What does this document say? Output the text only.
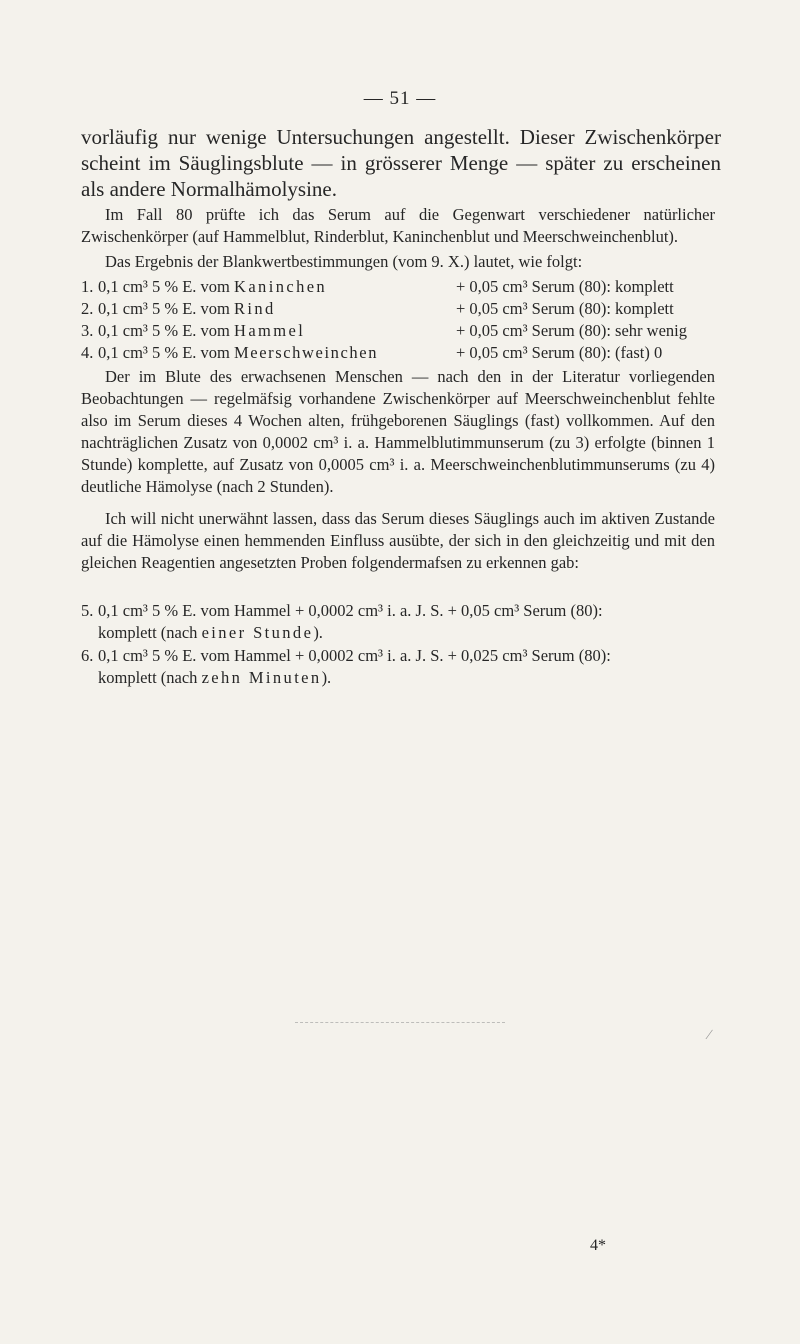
— 51 —

vorläufig nur wenige Untersuchungen angestellt. Dieser Zwischenkörper scheint im Säuglingsblute — in grösserer Menge — später zu erscheinen als andere Normalhämolysine.

Im Fall 80 prüfte ich das Serum auf die Gegenwart verschiedener natürlicher Zwischenkörper (auf Hammelblut, Rinderblut, Kaninchenblut und Meerschweinchenblut).

Das Ergebnis der Blankwertbestimmungen (vom 9. X.) lautet, wie folgt:

1. 0,1 cm³ 5 % E. vom Kaninchen	+ 0,05 cm³ Serum (80): komplett
2. 0,1 cm³ 5 % E. vom Rind	+ 0,05 cm³ Serum (80): komplett
3. 0,1 cm³ 5 % E. vom Hammel	+ 0,05 cm³ Serum (80): sehr wenig
4. 0,1 cm³ 5 % E. vom Meerschweinchen	+ 0,05 cm³ Serum (80): (fast) 0

Der im Blute des erwachsenen Menschen — nach den in der Literatur vorliegenden Beobachtungen — regelmäfsig vorhandene Zwischenkörper auf Meerschweinchenblut fehlte also im Serum dieses 4 Wochen alten, frühgeborenen Säuglings (fast) vollkommen. Auf den nachträglichen Zusatz von 0,0002 cm³ i. a. Hammelblutimmunserum (zu 3) erfolgte (binnen 1 Stunde) komplette, auf Zusatz von 0,0005 cm³ i. a. Meerschweinchenblutimmunserums (zu 4) deutliche Hämolyse (nach 2 Stunden).

Ich will nicht unerwähnt lassen, dass das Serum dieses Säuglings auch im aktiven Zustande auf die Hämolyse einen hemmenden Einfluss ausübte, der sich in den gleichzeitig und mit den gleichen Reagentien angesetzten Proben folgendermafsen zu erkennen gab:

5. 0,1 cm³ 5 % E. vom Hammel + 0,0002 cm³ i. a. J. S. + 0,05 cm³ Serum (80):
komplett (nach einer Stunde).
6. 0,1 cm³ 5 % E. vom Hammel + 0,0002 cm³ i. a. J. S. + 0,025 cm³ Serum (80):
komplett (nach zehn Minuten).
∕
4*
